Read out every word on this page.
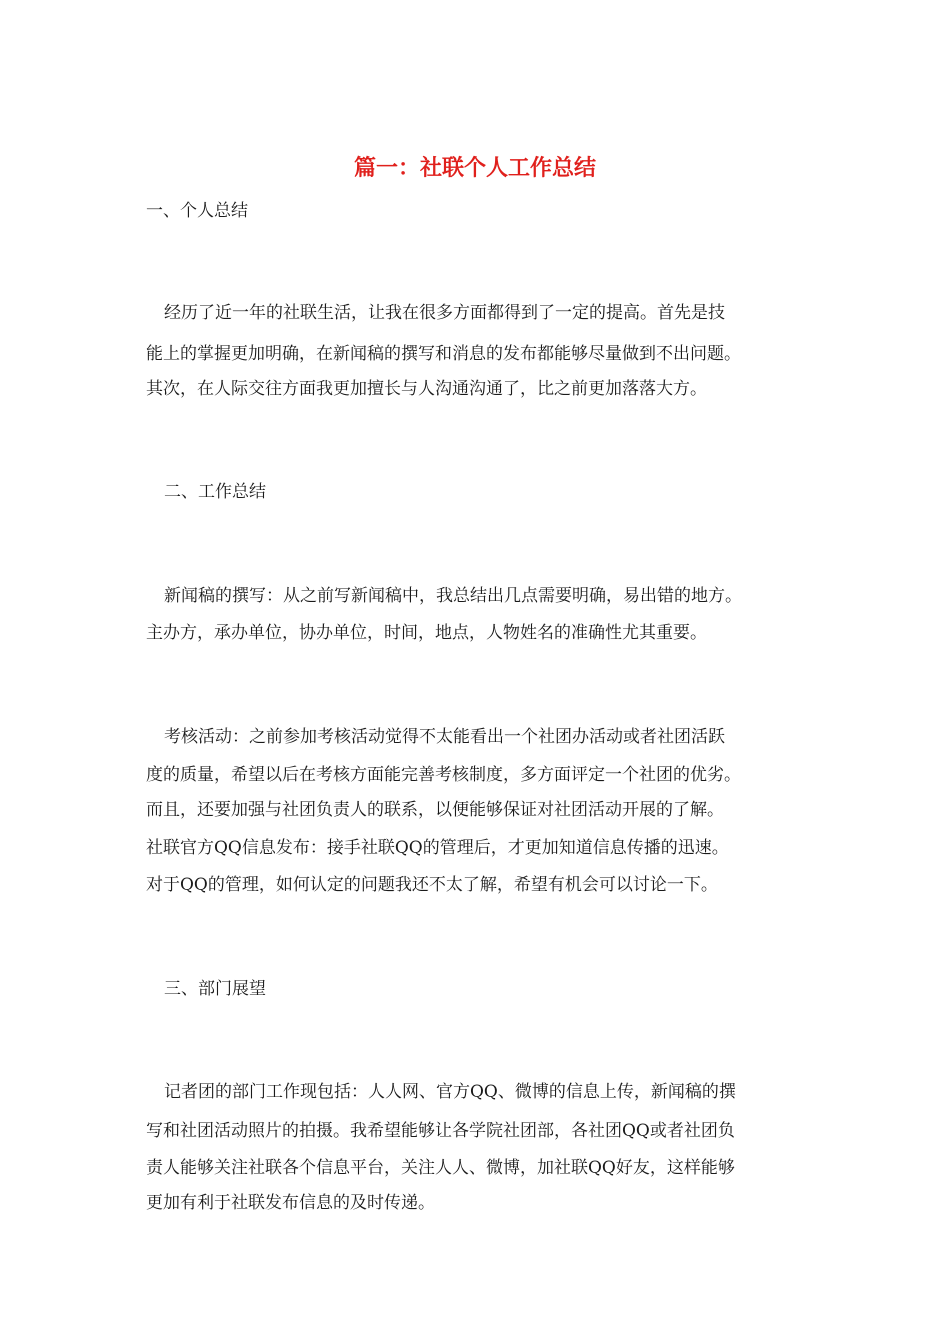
篇一：社联个人工作总结

一、个人总结

经历了近一年的社联生活，让我在很多方面都得到了一定的提高。首先是技

能上的掌握更加明确，在新闻稿的撰写和消息的发布都能够尽量做到不出问题。

其次，在人际交往方面我更加擅长与人沟通沟通了，比之前更加落落大方。

二、工作总结

新闻稿的撰写：从之前写新闻稿中，我总结出几点需要明确，易出错的地方。

主办方，承办单位，协办单位，时间，地点，人物姓名的准确性尤其重要。

考核活动：之前参加考核活动觉得不太能看出一个社团办活动或者社团活跃

度的质量，希望以后在考核方面能完善考核制度，多方面评定一个社团的优劣。

而且，还要加强与社团负责人的联系，以便能够保证对社团活动开展的了解。

社联官方QQ信息发布：接手社联QQ的管理后，才更加知道信息传播的迅速。

对于QQ的管理，如何认定的问题我还不太了解，希望有机会可以讨论一下。

三、部门展望

记者团的部门工作现包括：人人网、官方QQ、微博的信息上传，新闻稿的撰

写和社团活动照片的拍摄。我希望能够让各学院社团部，各社团QQ或者社团负

责人能够关注社联各个信息平台，关注人人、微博，加社联QQ好友，这样能够

更加有利于社联发布信息的及时传递。
